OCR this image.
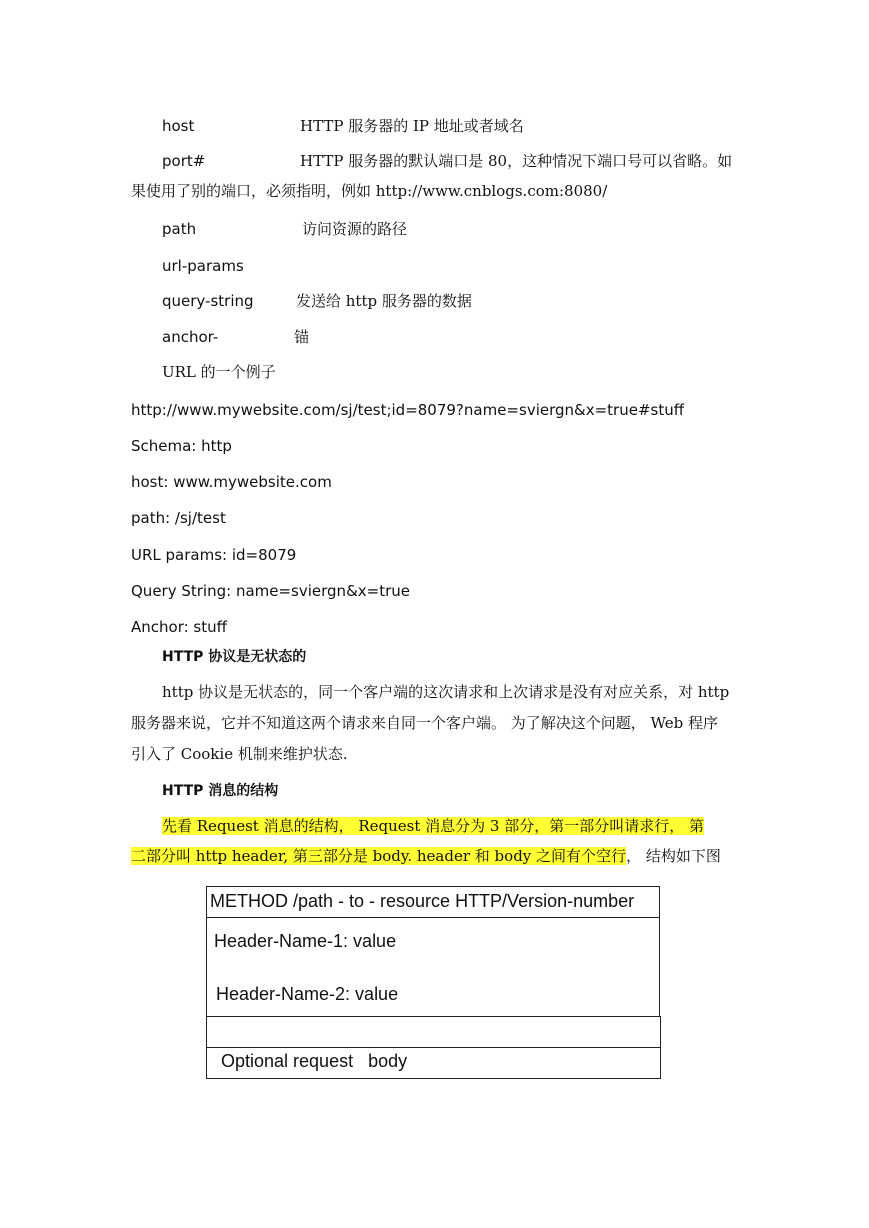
host	HTTP 服务器的 IP 地址或者域名
port#	HTTP 服务器的默认端口是 80，这种情况下端口号可以省略。如
果使用了别的端口，必须指明，例如 http://www.cnblogs.com:8080/
path	访问资源的路径
url-params
query-string	发送给 http 服务器的数据
anchor-	锚
URL 的一个例子
http://www.mywebsite.com/sj/test;id=8079?name=sviergn&x=true#stuff
Schema: http
host: www.mywebsite.com
path: /sj/test
URL params: id=8079
Query String: name=sviergn&x=true
Anchor: stuff
HTTP 协议是无状态的
http 协议是无状态的，同一个客户端的这次请求和上次请求是没有对应关系，对 http
服务器来说，它并不知道这两个请求来自同一个客户端。 为了解决这个问题， Web 程序
引入了 Cookie 机制来维护状态.
HTTP 消息的结构
先看 Request 消息的结构， Request 消息分为 3 部分，第一部分叫请求行， 第
二部分叫 http header, 第三部分是 body. header 和 body 之间有个空行， 结构如下图
METHOD /path - to - resource HTTP/Version-number
Header-Name-1: value
Header-Name-2: value
Optional request   body
